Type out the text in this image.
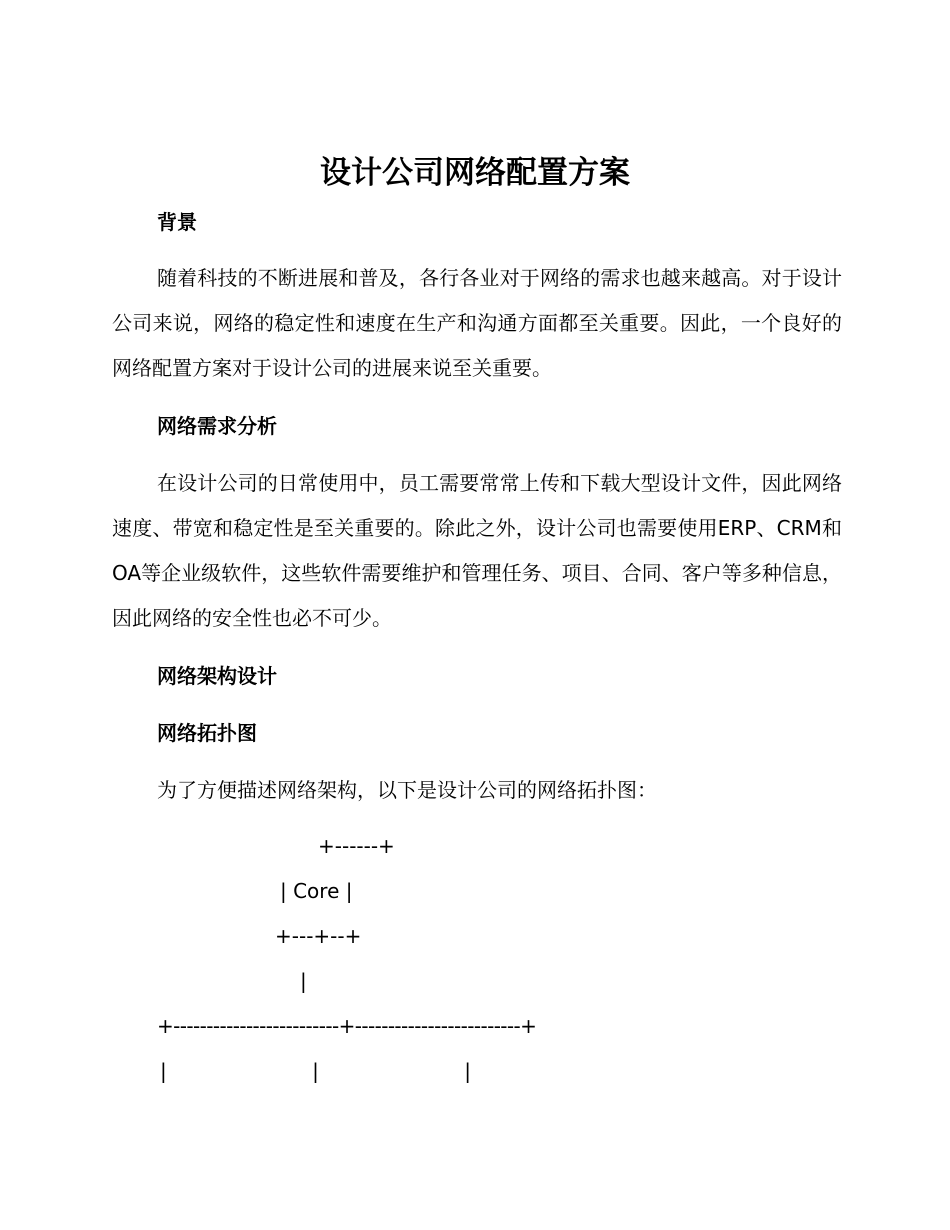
设计公司网络配置方案
背景

随着科技的不断进展和普及，各行各业对于网络的需求也越来越高。对于设计公司来说，网络的稳定性和速度在生产和沟通方面都至关重要。因此，一个良好的网络配置方案对于设计公司的进展来说至关重要。

网络需求分析

在设计公司的日常使用中，员工需要常常上传和下载大型设计文件，因此网络速度、带宽和稳定性是至关重要的。除此之外，设计公司也需要使用ERP、CRM和OA等企业级软件，这些软件需要维护和管理任务、项目、合同、客户等多种信息，因此网络的安全性也必不可少。

网络架构设计
网络拓扑图
为了方便描述网络架构，以下是设计公司的网络拓扑图：
+------+
| Core |
+---+--+
|
+-------------------------+-------------------------+
|                        |                        |
